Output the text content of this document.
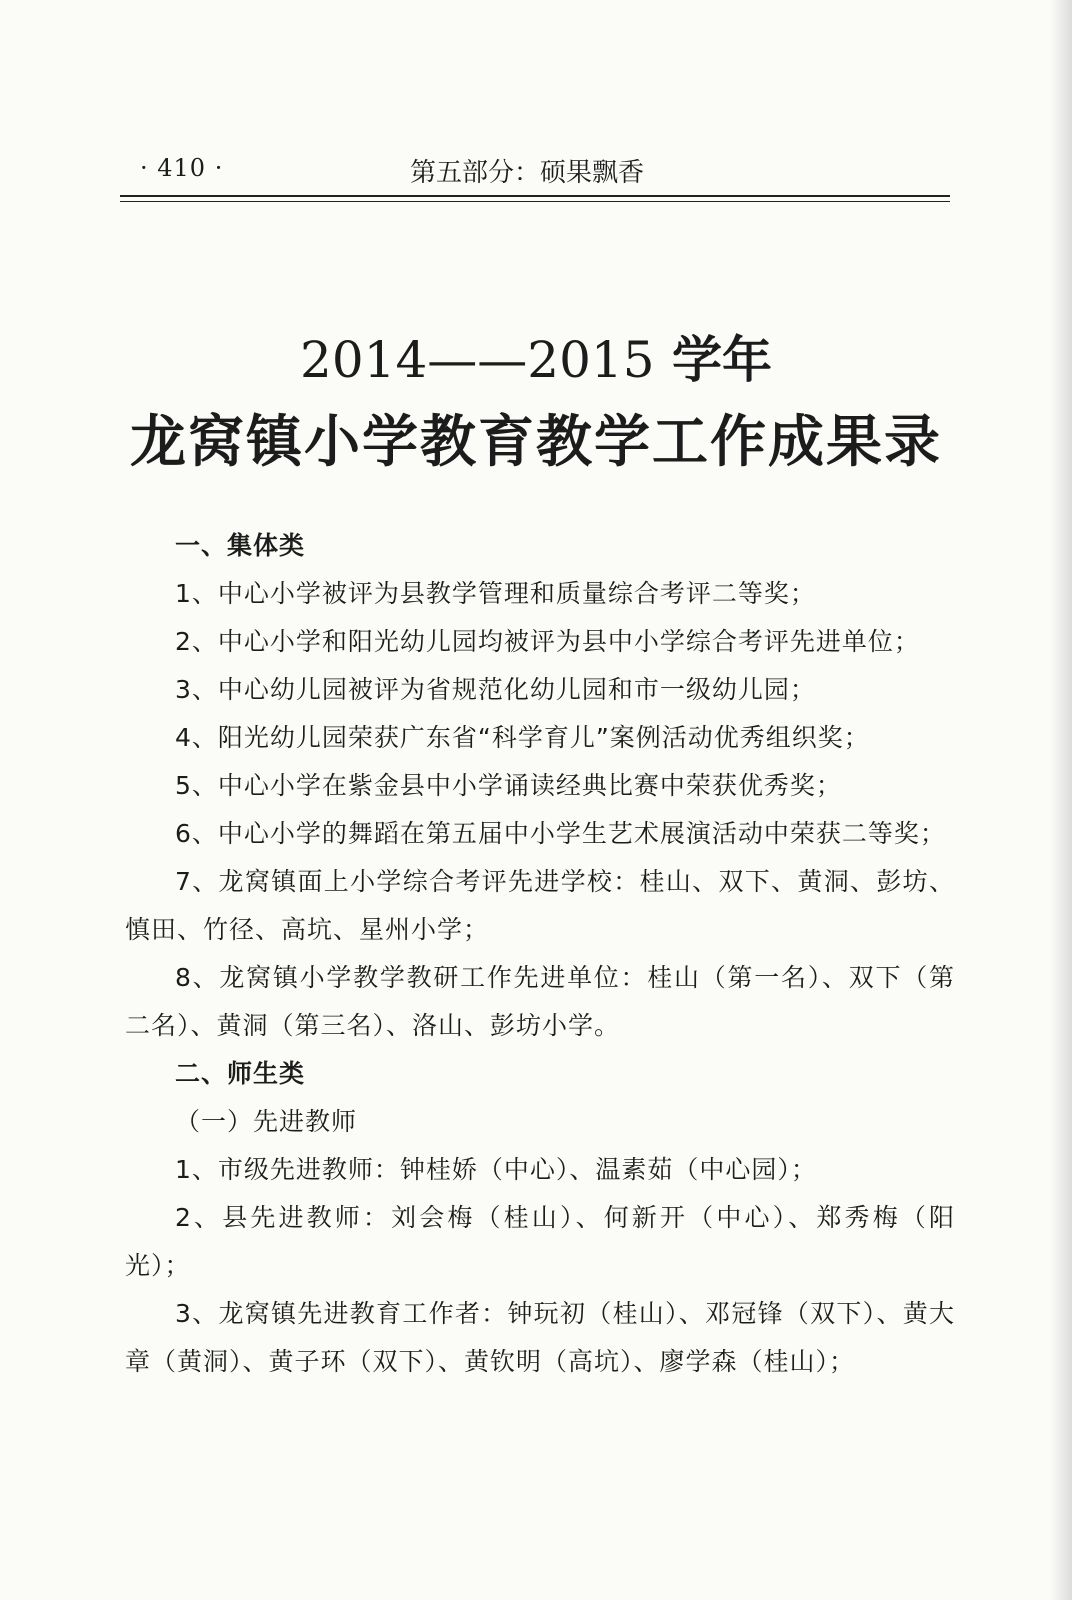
· 410 ·	第五部分：硕果飘香
2014——2015 学年
龙窝镇小学教育教学工作成果录

一、集体类

1、中心小学被评为县教学管理和质量综合考评二等奖；

2、中心小学和阳光幼儿园均被评为县中小学综合考评先进单位；

3、中心幼儿园被评为省规范化幼儿园和市一级幼儿园；

4、阳光幼儿园荣获广东省“科学育儿”案例活动优秀组织奖；

5、中心小学在紫金县中小学诵读经典比赛中荣获优秀奖；

6、中心小学的舞蹈在第五届中小学生艺术展演活动中荣获二等奖；

7、龙窝镇面上小学综合考评先进学校：桂山、双下、黄洞、彭坊、慎田、竹径、高坑、星州小学；

8、龙窝镇小学教学教研工作先进单位：桂山（第一名）、双下（第二名）、黄洞（第三名）、洛山、彭坊小学。

二、师生类

（一）先进教师

1、市级先进教师：钟桂娇（中心）、温素茹（中心园）；

2、县先进教师：刘会梅（桂山）、何新开（中心）、郑秀梅（阳光）；

3、龙窝镇先进教育工作者：钟玩初（桂山）、邓冠锋（双下）、黄大章（黄洞）、黄子环（双下）、黄钦明（高坑）、廖学森（桂山）；
